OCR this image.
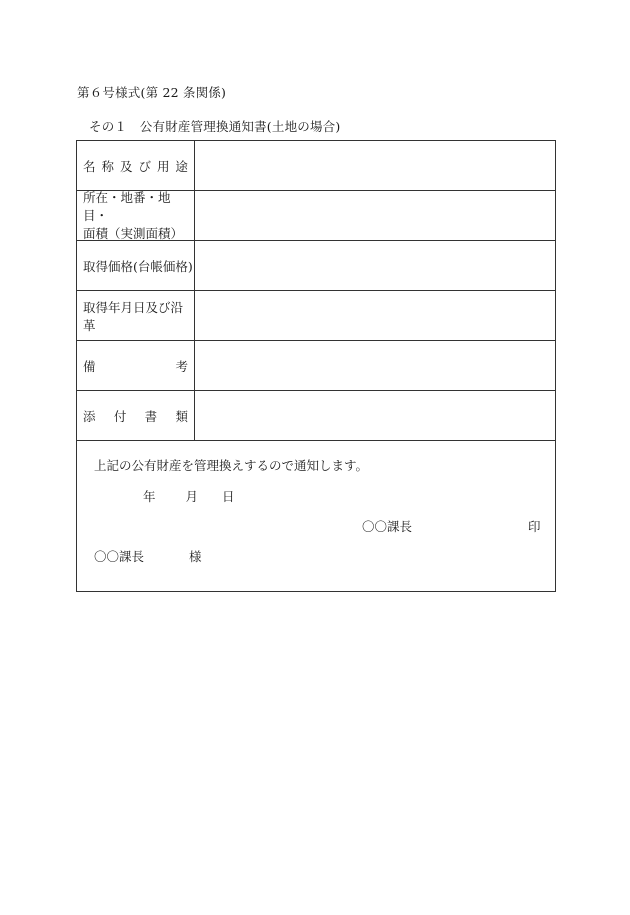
第６号様式(第 22 条関係)
その１　公有財産管理換通知書(土地の場合)
名 称 及 び 用 途
所在・地番・地目・
面積（実測面積）
取得価格(台帳価格)
取得年月日及び沿革
備	考
添 付 書 類
上記の公有財産を管理換えするので通知します。
年 月 日
〇〇課長	印
〇〇課長	様
